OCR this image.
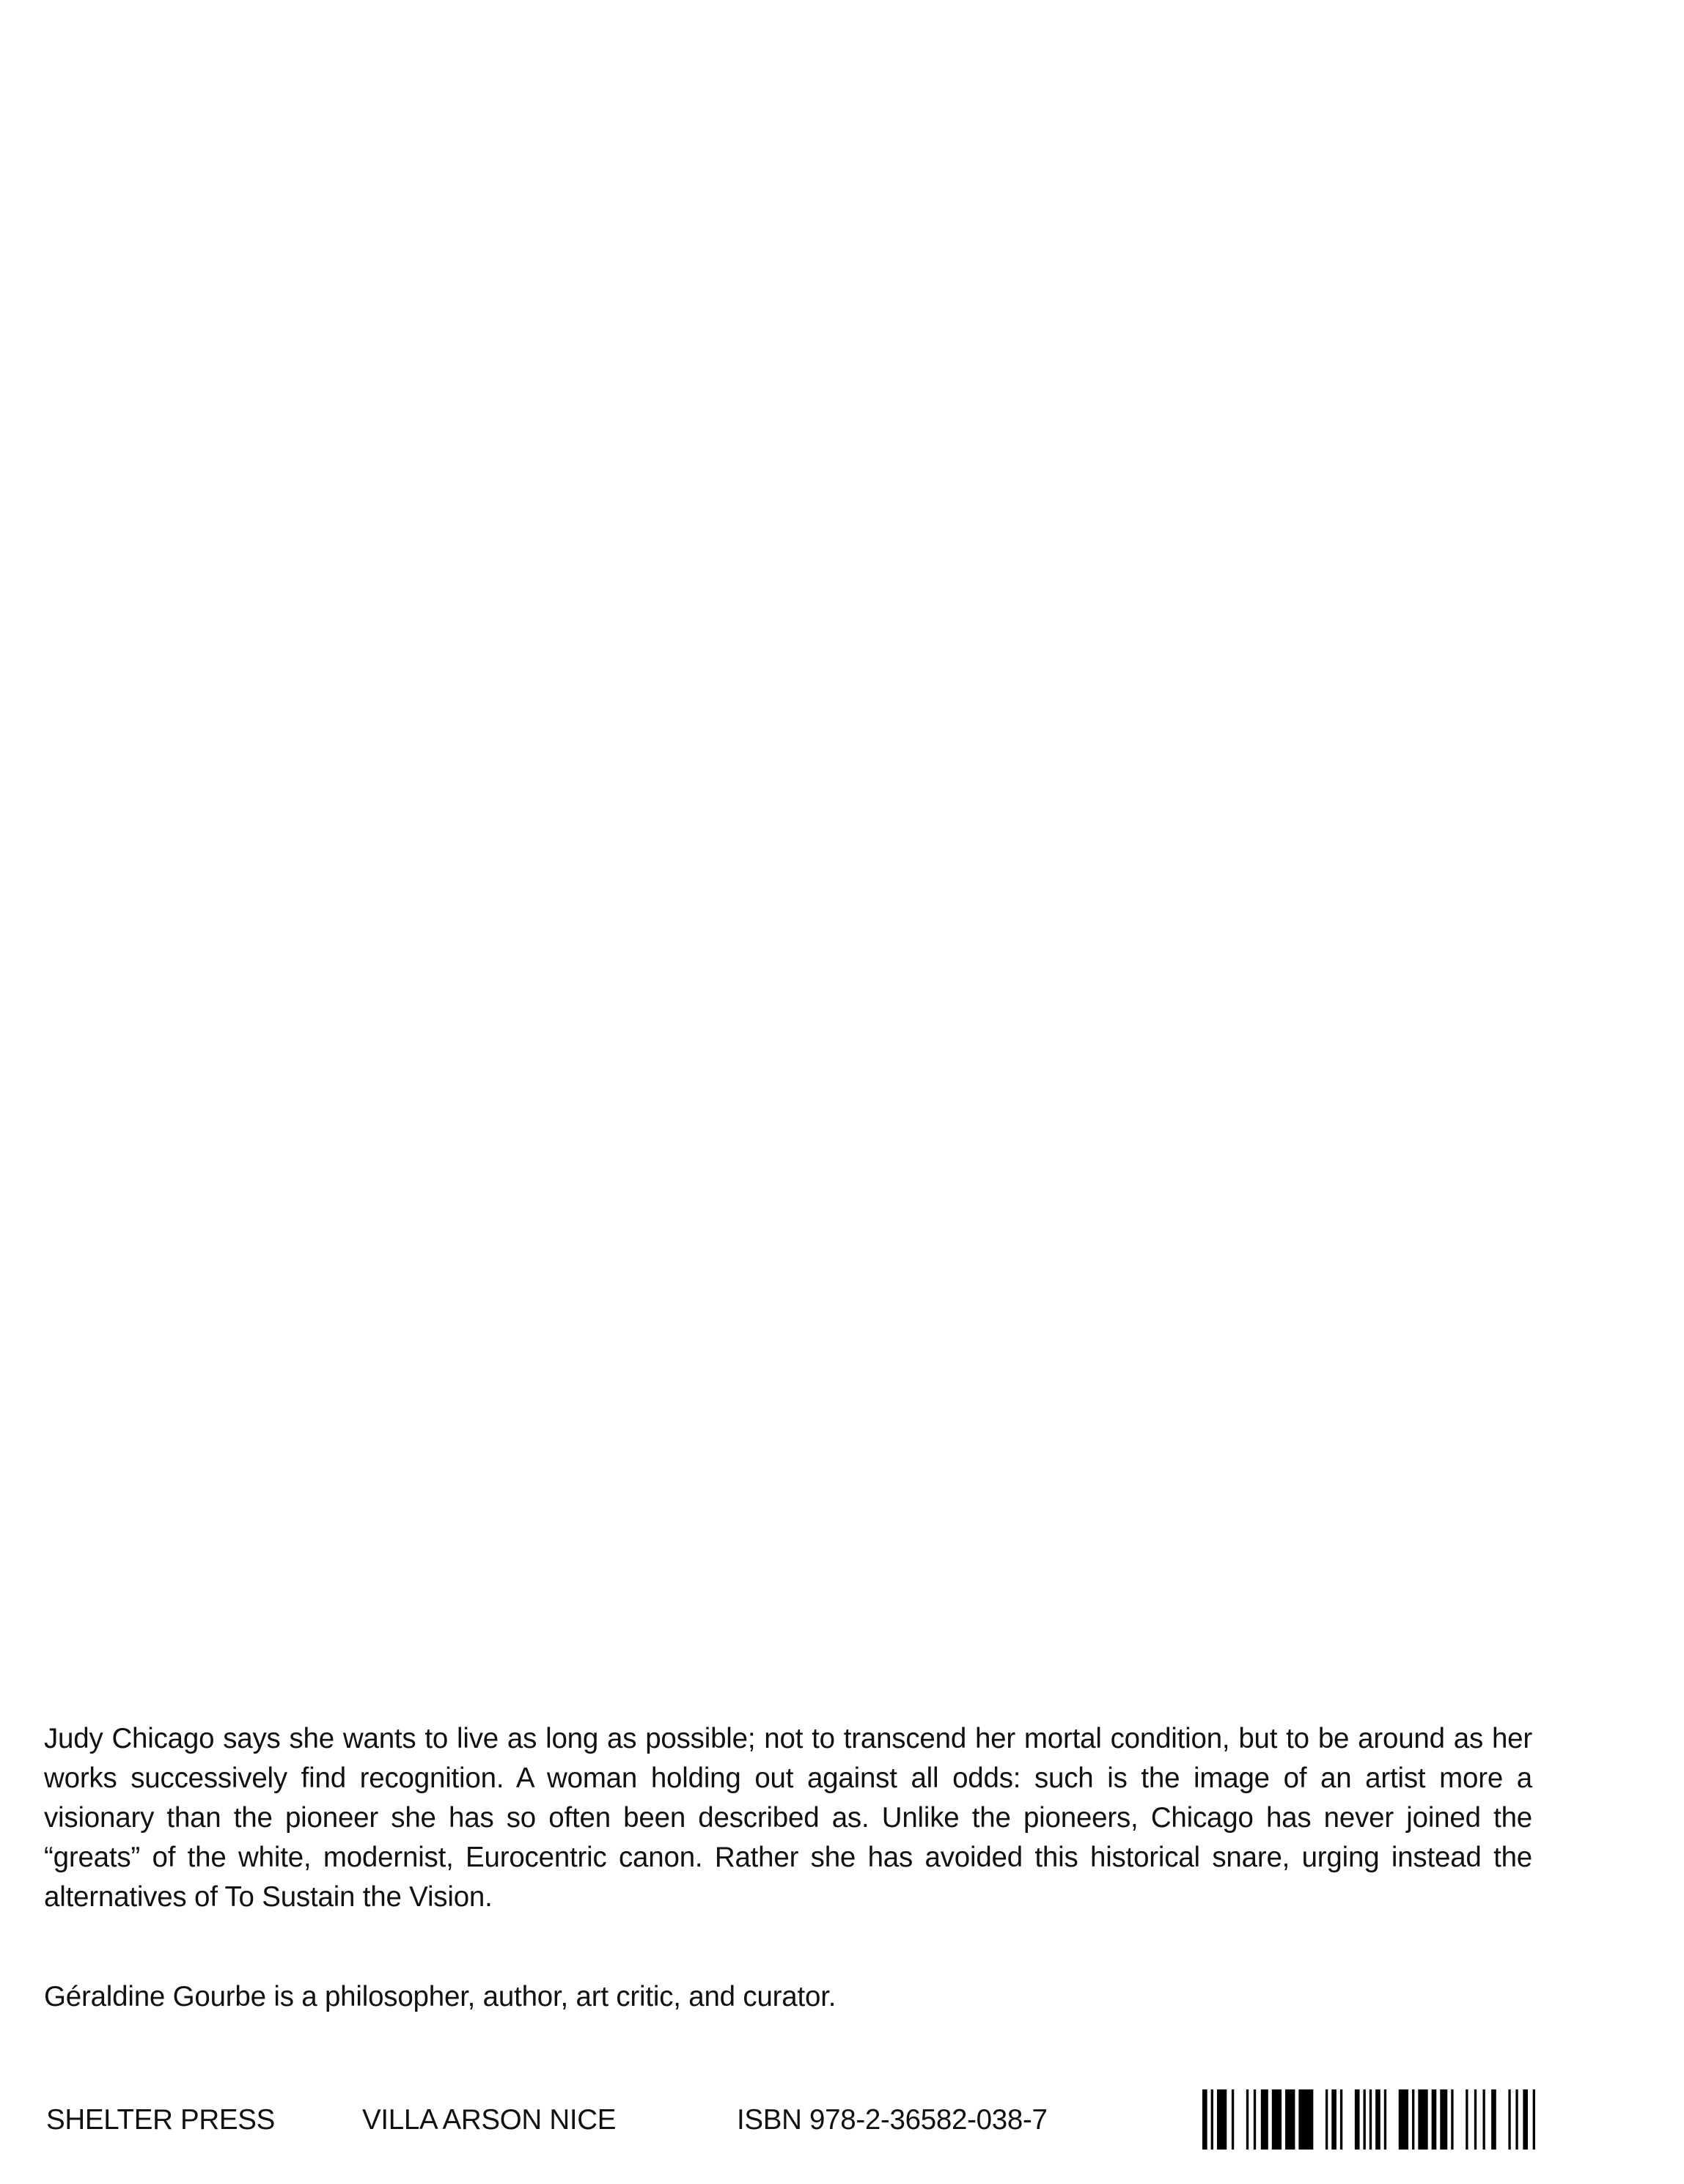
Judy Chicago says she wants to live as long as possible; not to transcend her mortal condition, but to be around as her works successively find recognition. A woman holding out against all odds: such is the image of an artist more a visionary than the pioneer she has so often been described as. Unlike the pioneers, Chicago has never joined the “greats” of the white, modernist, Eurocentric canon. Rather she has avoided this historical snare, urging instead the alternatives of To Sustain the Vision.

Géraldine Gourbe is a philosopher, author, art critic, and curator.

SHELTER PRESS	VILLA ARSON NICE	ISBN 978-2-36582-038-7
